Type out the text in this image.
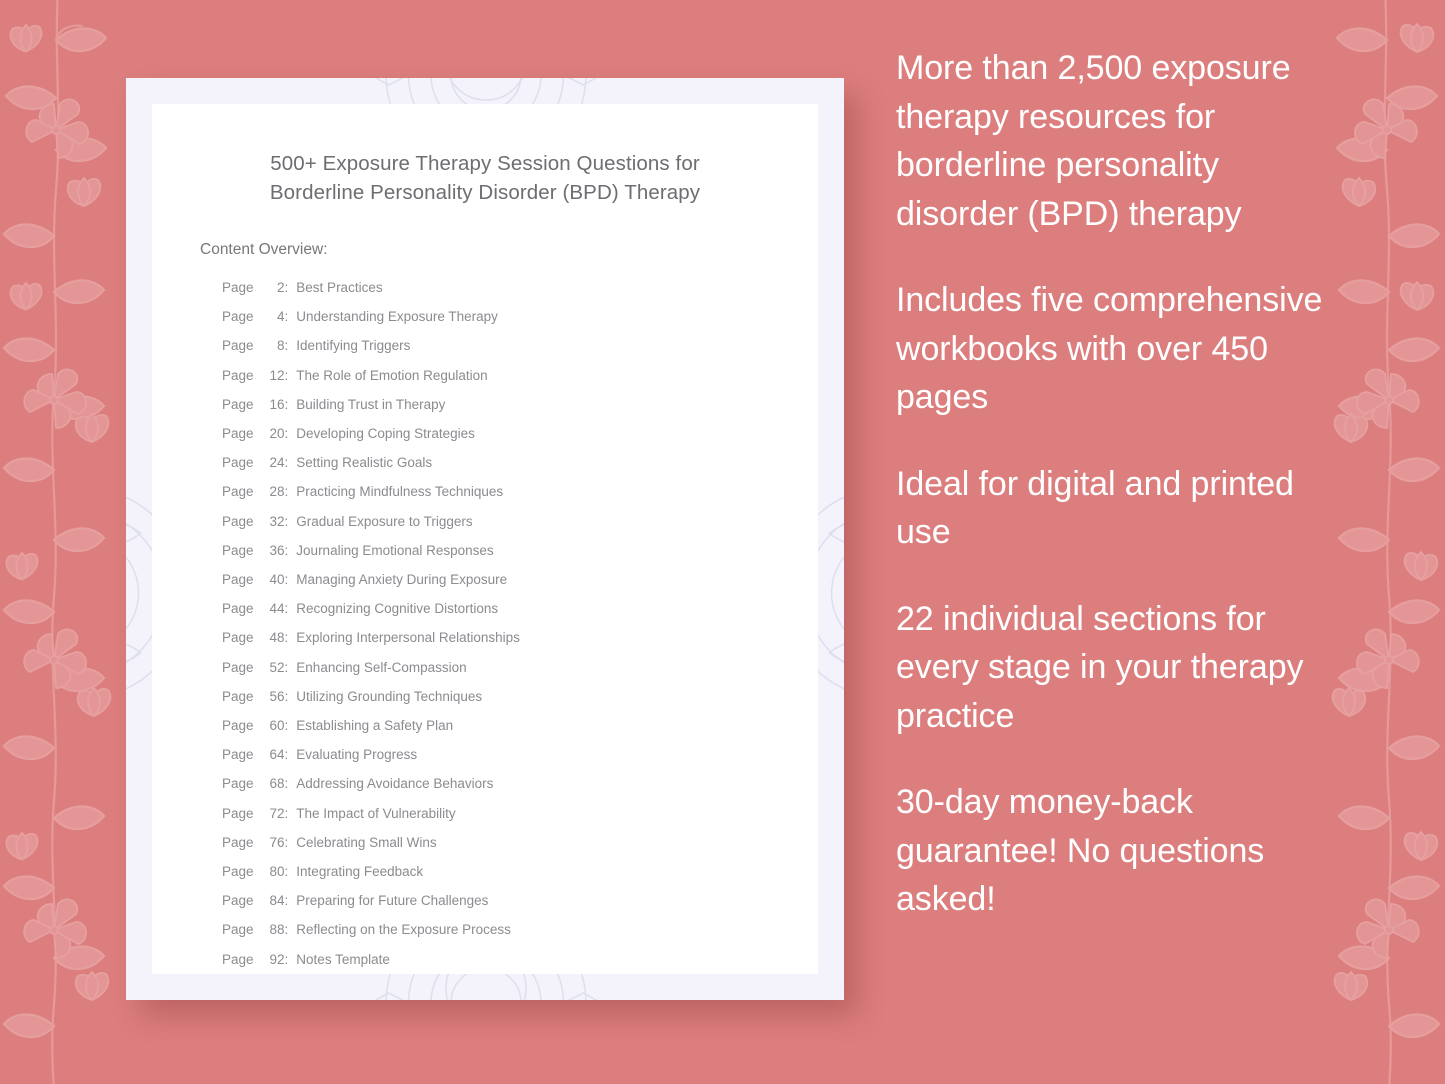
500+ Exposure Therapy Session Questions for
Borderline Personality Disorder (BPD) Therapy
Content Overview:
Page	2 : Best Practices
Page	4 : Understanding Exposure Therapy
Page	8 : Identifying Triggers
Page	12 : The Role of Emotion Regulation
Page	16 : Building Trust in Therapy
Page	20 : Developing Coping Strategies
Page	24 : Setting Realistic Goals
Page	28 : Practicing Mindfulness Techniques
Page	32 : Gradual Exposure to Triggers
Page	36 : Journaling Emotional Responses
Page	40 : Managing Anxiety During Exposure
Page	44 : Recognizing Cognitive Distortions
Page	48 : Exploring Interpersonal Relationships
Page	52 : Enhancing Self-Compassion
Page	56 : Utilizing Grounding Techniques
Page	60 : Establishing a Safety Plan
Page	64 : Evaluating Progress
Page	68 : Addressing Avoidance Behaviors
Page	72 : The Impact of Vulnerability
Page	76 : Celebrating Small Wins
Page	80 : Integrating Feedback
Page	84 : Preparing for Future Challenges
Page	88 : Reflecting on the Exposure Process
Page	92 : Notes Template

More than 2,500 exposure therapy resources for borderline personality disorder (BPD) therapy

Includes five comprehensive workbooks with over 450 pages

Ideal for digital and printed use

22 individual sections for every stage in your therapy practice

30-day money-back guarantee! No questions asked!
